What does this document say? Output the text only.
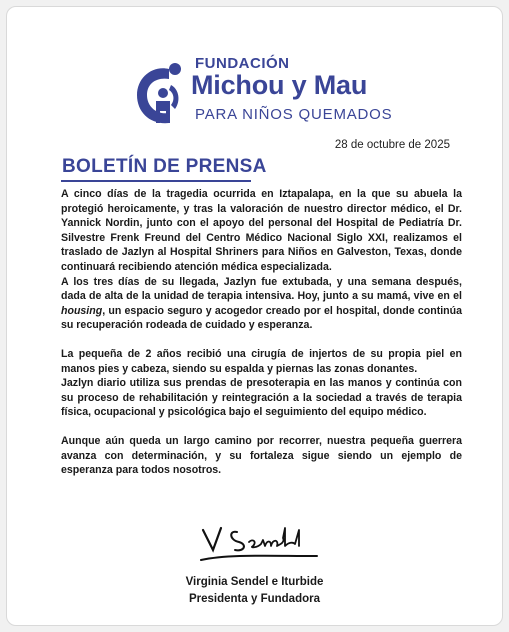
FUNDACIÓN
Michou y Mau
PARA NIÑOS QUEMADOS
28 de octubre de 2025
BOLETÍN DE PRENSA

A cinco días de la tragedia ocurrida en Iztapalapa, en la que su abuela la protegió heroicamente, y tras la valoración de nuestro director médico, el Dr. Yannick Nordin, junto con el apoyo del personal del Hospital de Pediatría Dr. Silvestre Frenk Freund del Centro Médico Nacional Siglo XXI, realizamos el traslado de Jazlyn al Hospital Shriners para Niños en Galveston, Texas, donde continuará recibiendo atención médica especializada.

A los tres días de su llegada, Jazlyn fue extubada, y una semana después, dada de alta de la unidad de terapia intensiva. Hoy, junto a su mamá, vive en el housing, un espacio seguro y acogedor creado por el hospital, donde continúa su recuperación rodeada de cuidado y esperanza.

La pequeña de 2 años recibió una cirugía de injertos de su propia piel en manos pies y cabeza, siendo su espalda y piernas las zonas donantes.

Jazlyn diario utiliza sus prendas de presoterapia en las manos y continúa con su proceso de rehabilitación y reintegración a la sociedad a través de terapia física, ocupacional y psicológica bajo el seguimiento del equipo médico.

Aunque aún queda un largo camino por recorrer, nuestra pequeña guerrera avanza con determinación, y su fortaleza sigue siendo un ejemplo de esperanza para todos nosotros.

Virginia Sendel e Iturbide
Presidenta y Fundadora
